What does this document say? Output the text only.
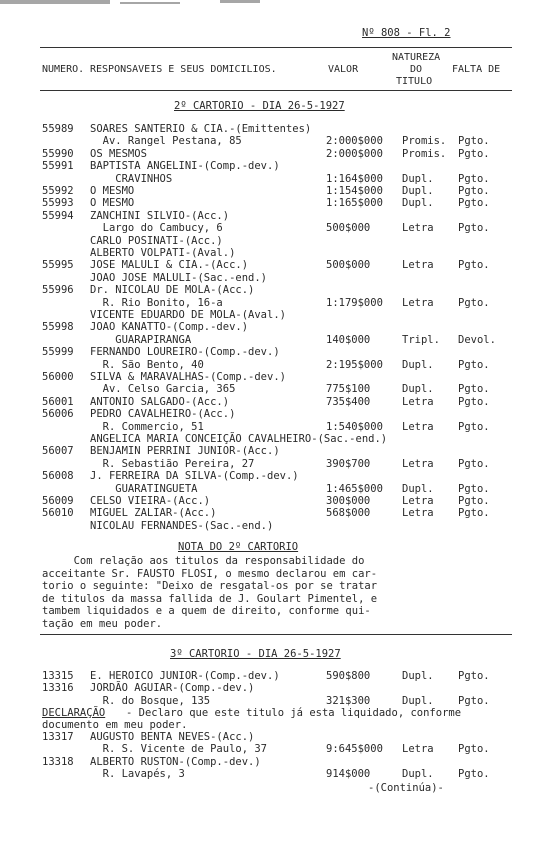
Nº 808 - Fl. 2
NUMERO. RESPONSAVEIS E SEUS DOMICILIOS.	VALOR
NATUREZA
DO
TITULO
FALTA DE
2º CARTORIO - DIA 26-5-1927
55989 SOARES SANTERIO & CIA.-(Emittentes)
Av. Rangel Pestana, 85	2:000$000 Promis. Pgto.
55990 OS MESMOS	2:000$000 Promis. Pgto.
55991 BAPTISTA ANGELINI-(Comp.-dev.)
CRAVINHOS	1:164$000 Dupl. Pgto.
55992 O MESMO	1:154$000 Dupl. Pgto.
55993 O MESMO	1:165$000 Dupl. Pgto.
55994 ZANCHINI SILVIO-(Acc.)
Largo do Cambucy, 6	500$000	Letra Pgto.
CARLO POSINATI-(Acc.)
ALBERTO VOLPATI-(Aval.)
55995 JOSE MALULI & CIA.-(Acc.)	500$000	Letra Pgto.
JOAO JOSE MALULI-(Sac.-end.)
55996 Dr. NICOLAU DE MOLA-(Acc.)
R. Rio Bonito, 16-a	1:179$000 Letra Pgto.
VICENTE EDUARDO DE MOLA-(Aval.)
55998 JOAO KANATTO-(Comp.-dev.)
GUARAPIRANGA	140$000	Tripl. Devol.
55999 FERNANDO LOUREIRO-(Comp.-dev.)
R. São Bento, 40	2:195$000 Dupl. Pgto.
56000 SILVA & MARAVALHAS-(Comp.-dev.)
Av. Celso Garcia, 365	775$100	Dupl. Pgto.
56001 ANTONIO SALGADO-(Acc.)	735$400	Letra Pgto.
56006 PEDRO CAVALHEIRO-(Acc.)
R. Commercio, 51	1:540$000 Letra Pgto.
ANGELICA MARIA CONCEIÇÃO CAVALHEIRO-(Sac.-end.)
56007 BENJAMIN PERRINI JUNIOR-(Acc.)
R. Sebastião Pereira, 27	390$700	Letra Pgto.
56008 J. FERREIRA DA SILVA-(Comp.-dev.)
GUARATINGUETA	1:465$000 Dupl. Pgto.
56009 CELSO VIEIRA-(Acc.)	300$000	Letra Pgto.
56010 MIGUEL ZALIAR-(Acc.)	568$000	Letra Pgto.
NICOLAU FERNANDES-(Sac.-end.)
NOTA DO 2º CARTORIO
Com relação aos titulos da responsabilidade do
acceitante Sr. FAUSTO FLOSI, o mesmo declarou em car-
torio o seguinte: "Deixo de resgatal-os por se tratar
de titulos da massa fallida de J. Goulart Pimentel, e
tambem liquidados e a quem de direito, conforme qui-
tação em meu poder.
3º CARTORIO - DIA 26-5-1927
13315 E. HEROICO JUNIOR-(Comp.-dev.)	590$800	Dupl. Pgto.
13316 JORDÃO AGUIAR-(Comp.-dev.)
R. do Bosque, 135	321$300	Dupl. Pgto.
DECLARAÇÃO - Declaro que este titulo já esta liquidado, conforme
documento em meu poder.
13317 AUGUSTO BENTA NEVES-(Acc.)
R. S. Vicente de Paulo, 37	9:645$000 Letra Pgto.
13318 ALBERTO RUSTON-(Comp.-dev.)
R. Lavapés, 3	914$000	Dupl. Pgto.
-(Continúa)-
